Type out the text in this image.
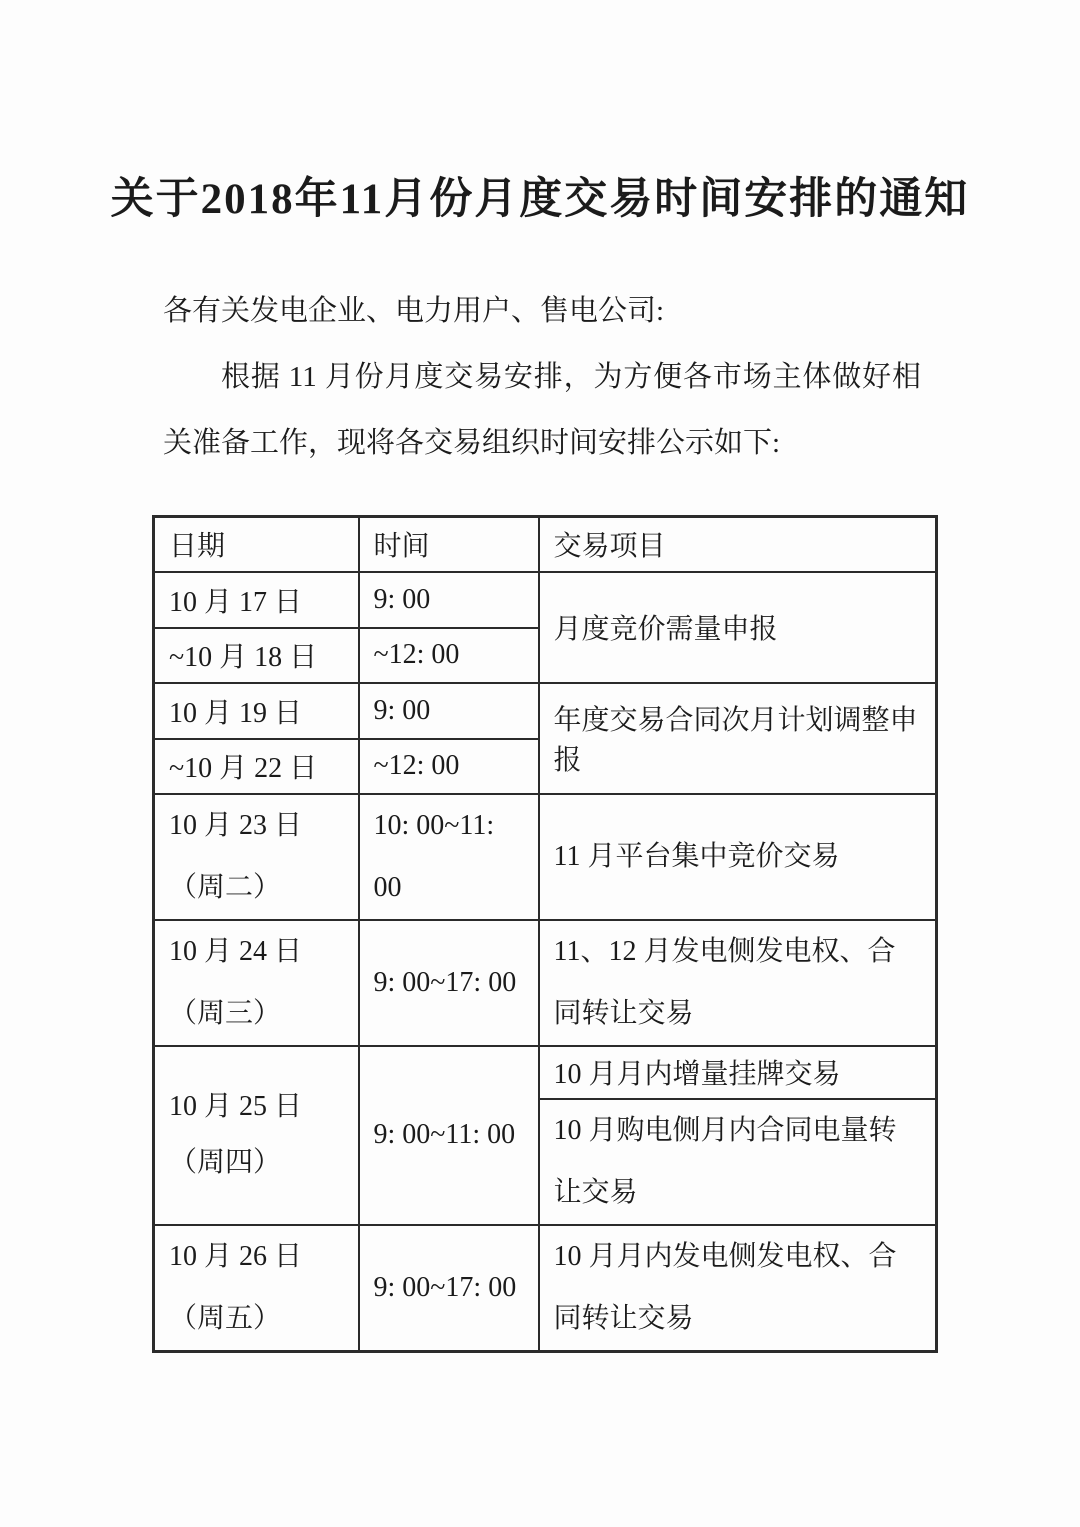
关于2018年11月份月度交易时间安排的通知

各有关发电企业、电力用户、售电公司:

根据 11 月份月度交易安排，为方便各市场主体做好相关准备工作，现将各交易组织时间安排公示如下:

日期	时间	交易项目
10 月 17 日	9: 00	月度竞价需量申报
~10 月 18 日	~12: 00	
10 月 19 日	9: 00	年度交易合同次月计划调整申报
~10 月 22 日	~12: 00	
10 月 23 日（周二）	10: 00~11: 00	11 月平台集中竞价交易
10 月 24 日（周三）	9: 00~17: 00	11、12 月发电侧发电权、合同转让交易
10 月 25 日（周四）	9: 00~11: 00	10 月月内增量挂牌交易
		10 月购电侧月内合同电量转让交易
10 月 26 日（周五）	9: 00~17: 00	10 月月内发电侧发电权、合同转让交易
